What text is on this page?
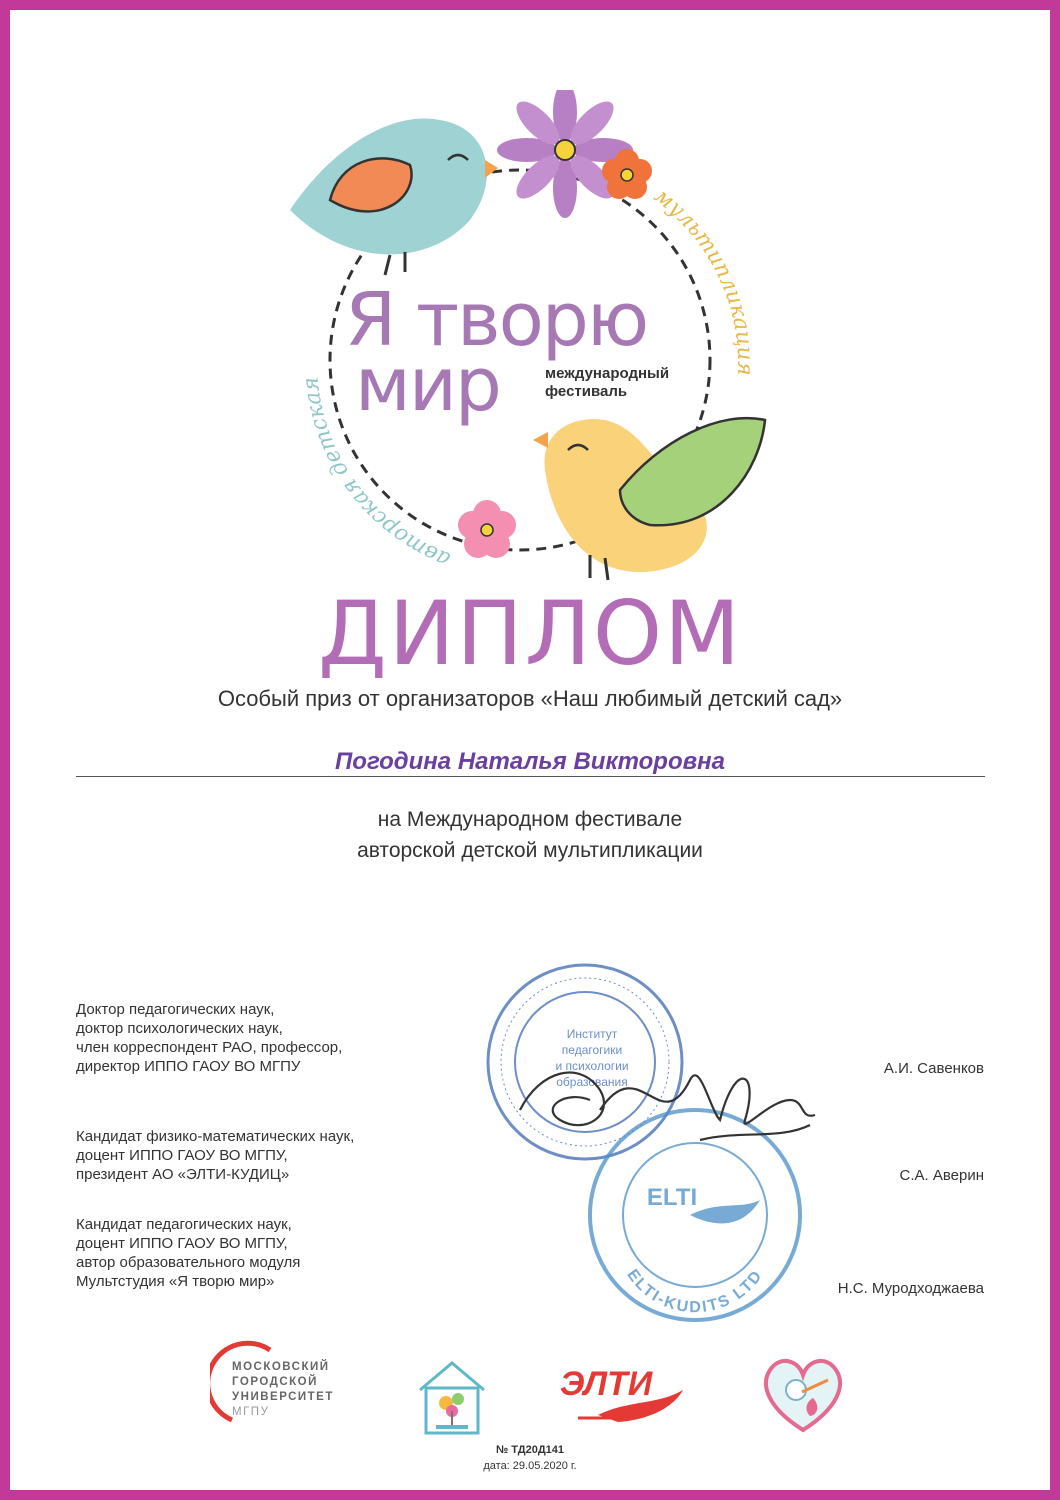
авторская детская
мультипликация
Я творю
мир	международный
фестиваль
ДИПЛОМ
Особый приз от организаторов «Наш любимый детский сад»
Погодина Наталья Викторовна
на Международном фестивале
авторской детской мультипликации
Институт
педагогики
и психологии
образования
ELTI-KUDITS LTD
ELTI
Доктор педагогических наук,
доктор психологических наук,
член корреспондент РАО, профессор,
директор ИППО ГАОУ ВО МГПУ	А.И. Савенков
Кандидат физико-математических наук,
доцент ИППО ГАОУ ВО МГПУ,
президент АО «ЭЛТИ-КУДИЦ»	С.А. Аверин
Кандидат педагогических наук,
доцент ИППО ГАОУ ВО МГПУ,
автор образовательного модуля
Мультстудия «Я творю мир»	Н.С. Муродходжаева
МОСКОВСКИЙ
ГОРОДСКОЙ
УНИВЕРСИТЕТ
МГПУ
ЭЛТИ
№ ТД20Д141
дата: 29.05.2020 г.
